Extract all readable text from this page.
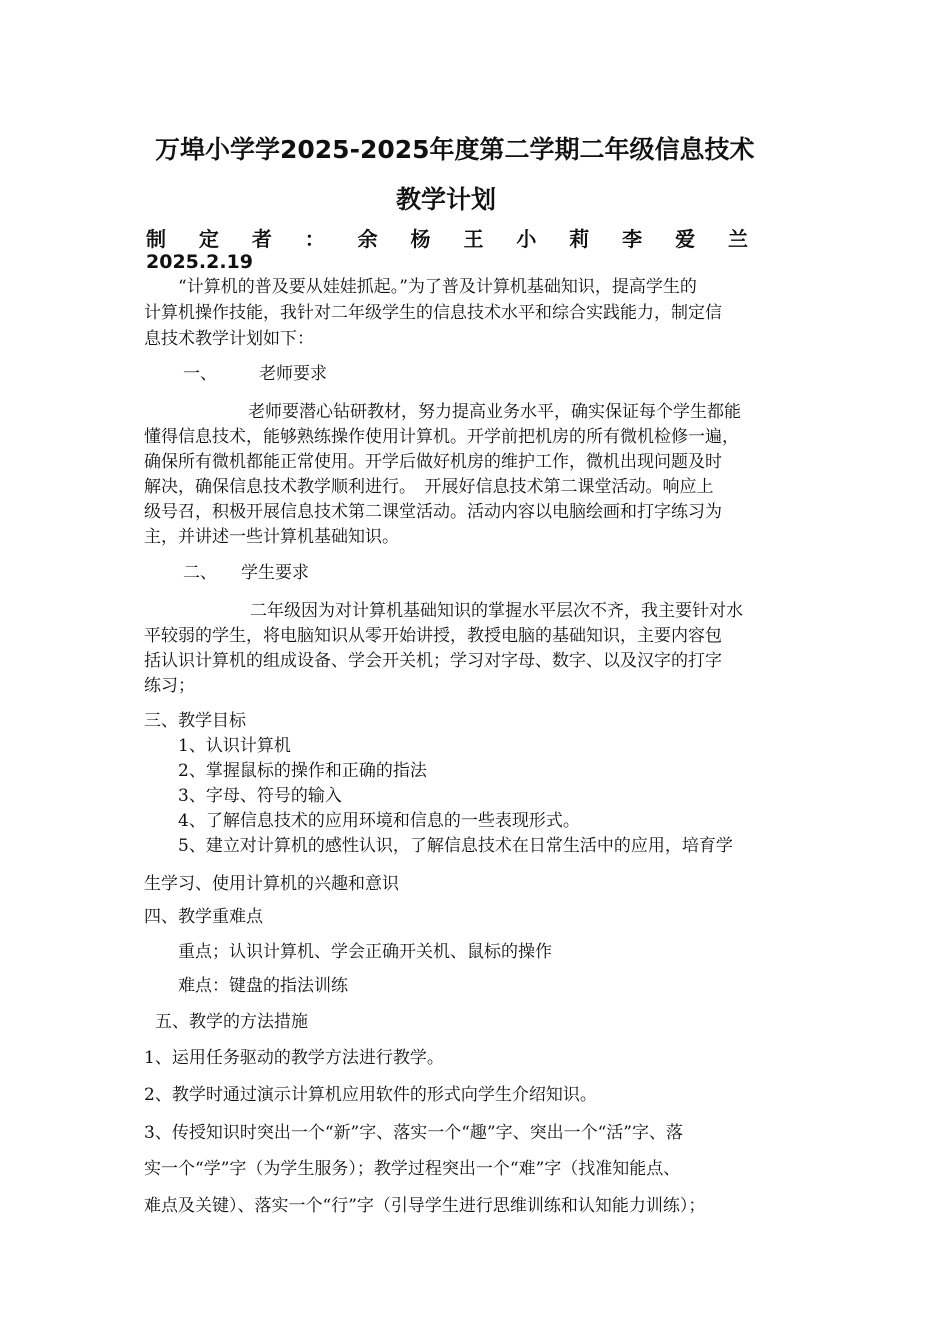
万埠小学学2025-2025年度第二学期二年级信息技术
教学计划
制 定 者 ： 余 杨 王 小 莉 李 爱 兰
2025.2.19
“计算机的普及要从娃娃抓起。”为了普及计算机基础知识，提高学生的
计算机操作技能，我针对二年级学生的信息技术水平和综合实践能力，制定信
息技术教学计划如下：
一、 老师要求
老师要潜心钻研教材，努力提高业务水平，确实保证每个学生都能
懂得信息技术，能够熟练操作使用计算机。开学前把机房的所有微机检修一遍，
确保所有微机都能正常使用。开学后做好机房的维护工作，微机出现问题及时
解决，确保信息技术教学顺利进行。　开展好信息技术第二课堂活动。响应上
级号召，积极开展信息技术第二课堂活动。活动内容以电脑绘画和打字练习为
主，并讲述一些计算机基础知识。
二、 学生要求
二年级因为对计算机基础知识的掌握水平层次不齐，我主要针对水
平较弱的学生，将电脑知识从零开始讲授，教授电脑的基础知识，主要内容包
括认识计算机的组成设备、学会开关机；学习对字母、数字、以及汉字的打字
练习；
三、教学目标
1、认识计算机
2、掌握鼠标的操作和正确的指法
3、字母、符号的输入
4、了解信息技术的应用环境和信息的一些表现形式。
5、建立对计算机的感性认识，了解信息技术在日常生活中的应用，培育学
生学习、使用计算机的兴趣和意识
四、教学重难点
重点；认识计算机、学会正确开关机、鼠标的操作
难点：键盘的指法训练
五、教学的方法措施
1、运用任务驱动的教学方法进行教学。
2、教学时通过演示计算机应用软件的形式向学生介绍知识。
3、传授知识时突出一个“新”字、落实一个“趣”字、突出一个“活”字、落
实一个“学”字（为学生服务）；教学过程突出一个“难”字（找准知能点、
难点及关键）、落实一个“行”字（引导学生进行思维训练和认知能力训练）；
